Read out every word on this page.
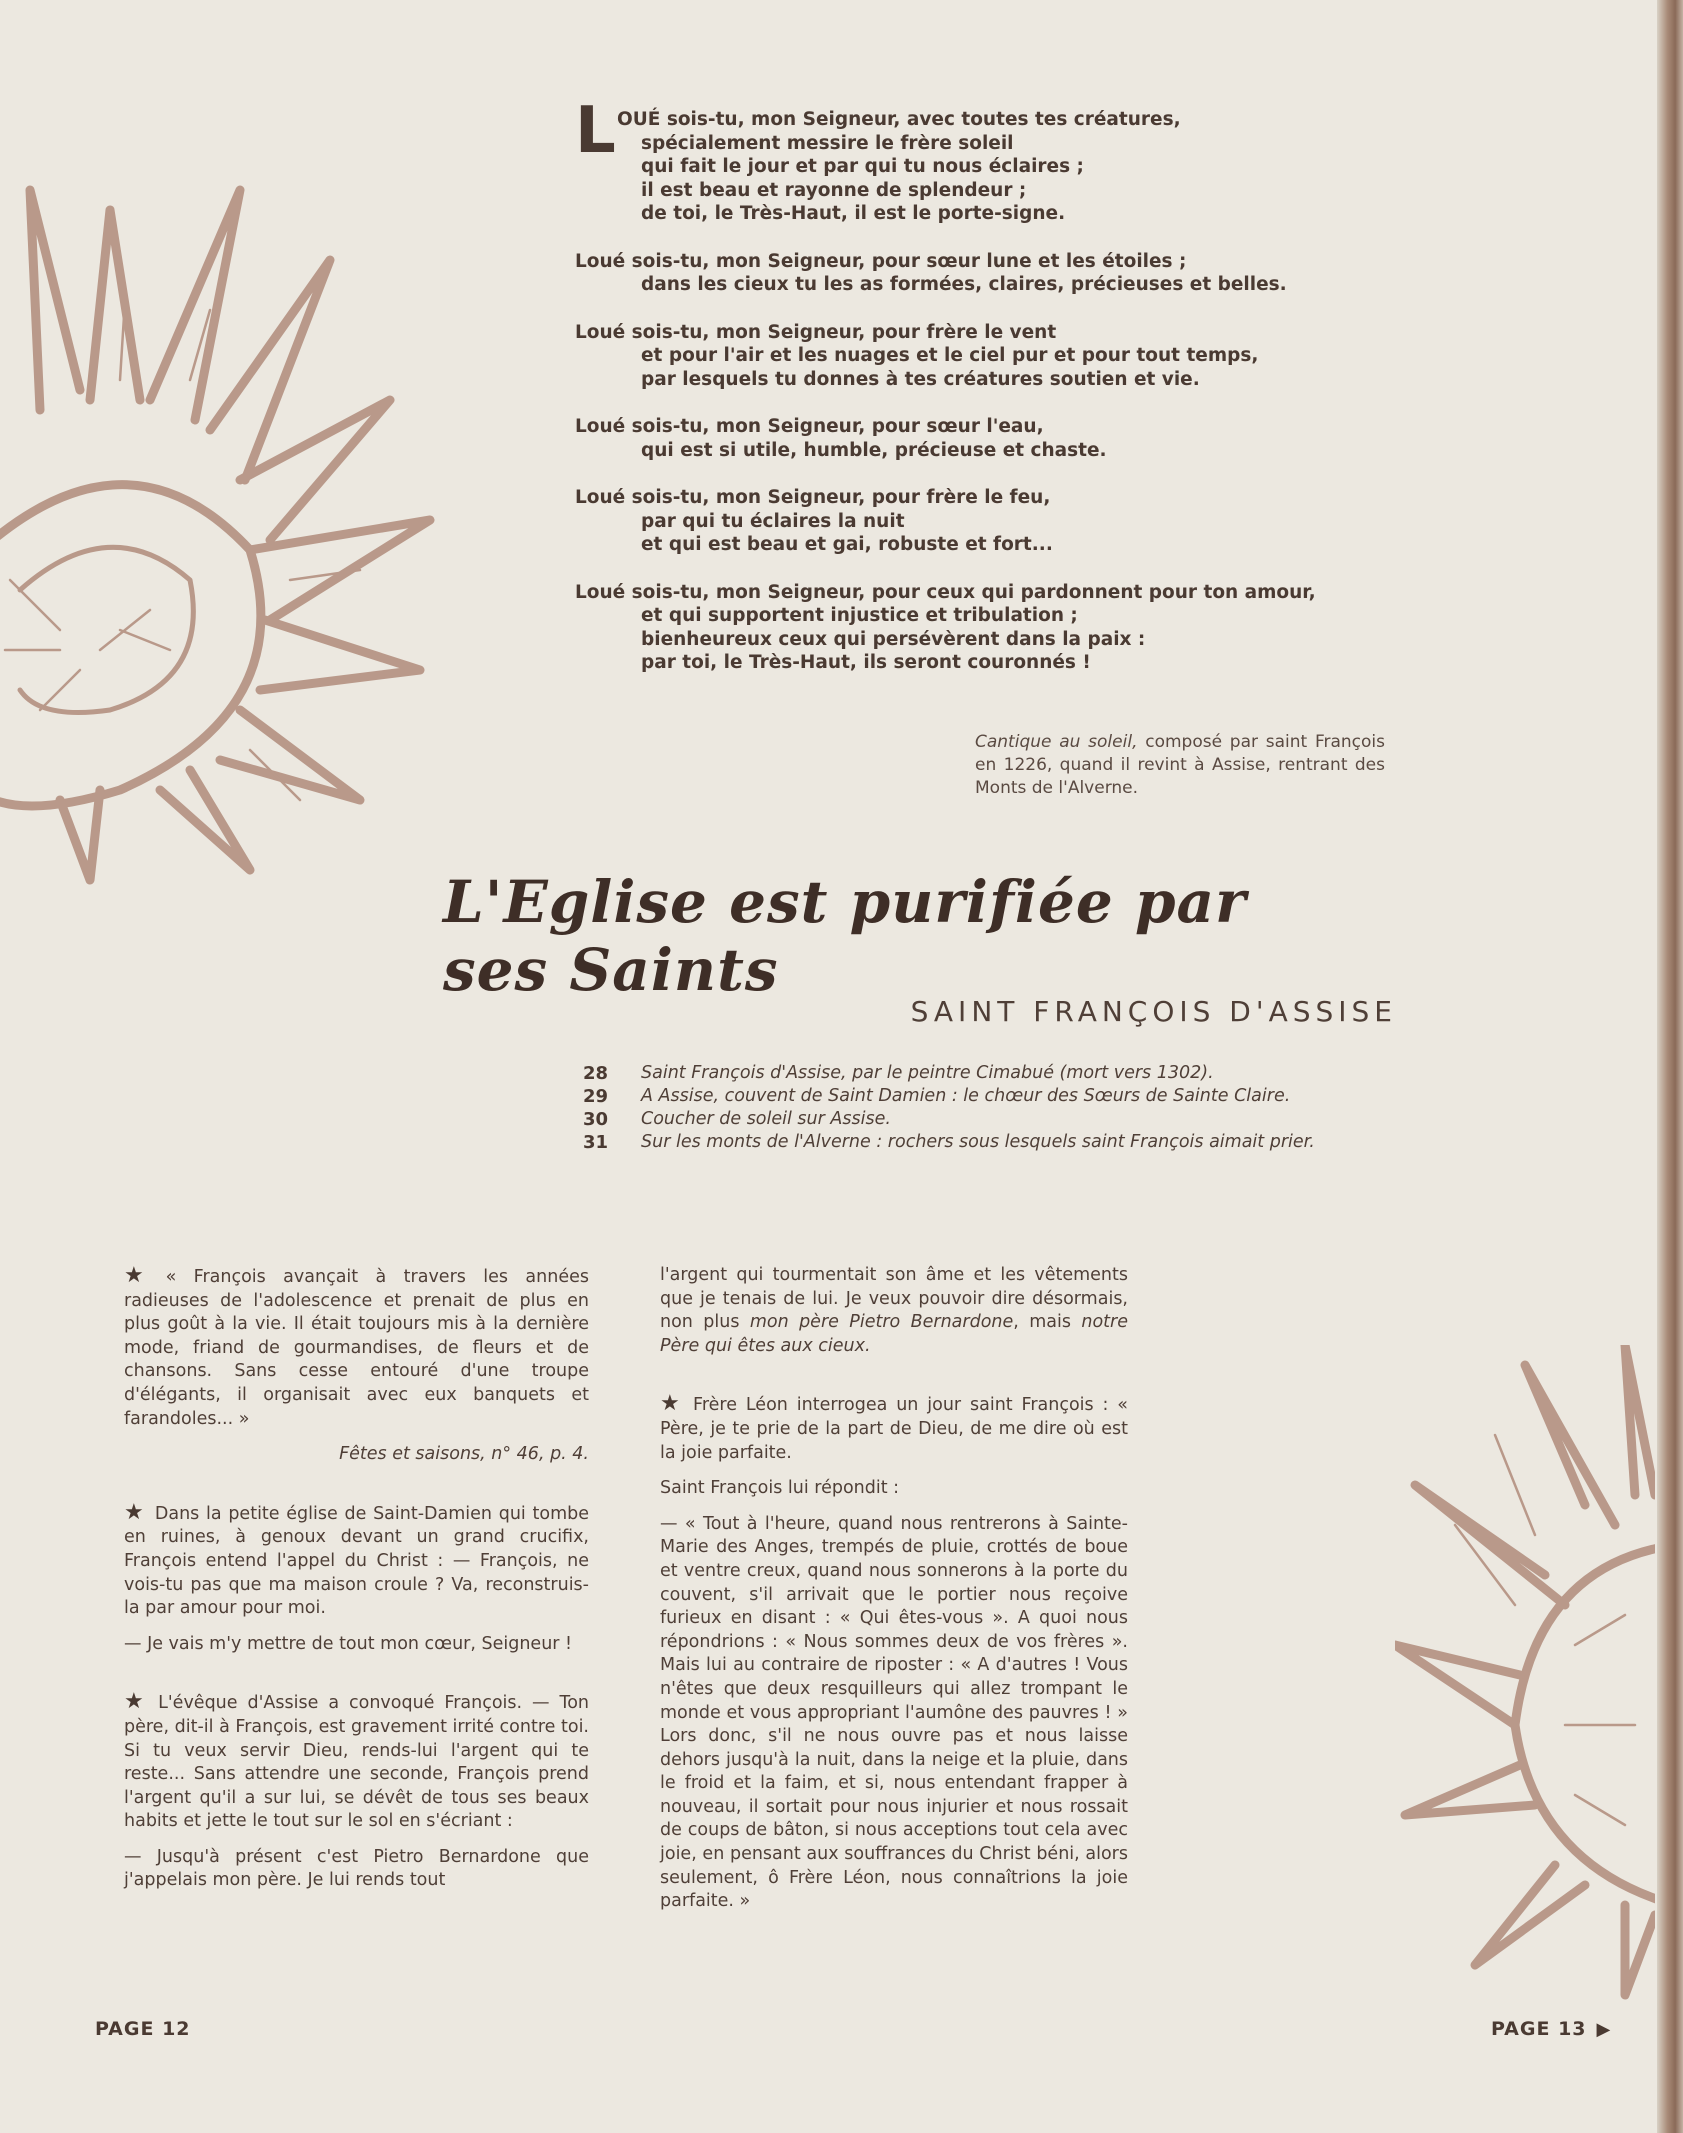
L OUÉ sois-tu, mon Seigneur, avec toutes tes créatures,
spécialement messire le frère soleil
qui fait le jour et par qui tu nous éclaires ;
il est beau et rayonne de splendeur ;
de toi, le Très-Haut, il est le porte-signe.
Loué sois-tu, mon Seigneur, pour sœur lune et les étoiles ;
dans les cieux tu les as formées, claires, précieuses et belles.
Loué sois-tu, mon Seigneur, pour frère le vent
et pour l'air et les nuages et le ciel pur et pour tout temps,
par lesquels tu donnes à tes créatures soutien et vie.
Loué sois-tu, mon Seigneur, pour sœur l'eau,
qui est si utile, humble, précieuse et chaste.
Loué sois-tu, mon Seigneur, pour frère le feu,
par qui tu éclaires la nuit
et qui est beau et gai, robuste et fort...
Loué sois-tu, mon Seigneur, pour ceux qui pardonnent pour ton amour,
et qui supportent injustice et tribulation ;
bienheureux ceux qui persévèrent dans la paix :
par toi, le Très-Haut, ils seront couronnés !
Cantique au soleil, composé par saint François en 1226, quand il revint à Assise, rentrant des Monts de l'Alverne.
L'Eglise est purifiée par ses Saints
SAINT FRANÇOIS D'ASSISE
28	Saint François d'Assise, par le peintre Cimabué (mort vers 1302).
29	A Assise, couvent de Saint Damien : le chœur des Sœurs de Sainte Claire.
30	Coucher de soleil sur Assise.
31	Sur les monts de l'Alverne : rochers sous lesquels saint François aimait prier.

★ « François avançait à travers les années radieuses de l'adolescence et prenait de plus en plus goût à la vie. Il était toujours mis à la dernière mode, friand de gourmandises, de fleurs et de chansons. Sans cesse entouré d'une troupe d'élégants, il organisait avec eux banquets et farandoles... »

Fêtes et saisons, n° 46, p. 4.

★ Dans la petite église de Saint-Damien qui tombe en ruines, à genoux devant un grand crucifix, François entend l'appel du Christ : — François, ne vois-tu pas que ma maison croule ? Va, reconstruis-la par amour pour moi.

— Je vais m'y mettre de tout mon cœur, Seigneur !

★ L'évêque d'Assise a convoqué François. — Ton père, dit-il à François, est gravement irrité contre toi. Si tu veux servir Dieu, rends-lui l'argent qui te reste... Sans attendre une seconde, François prend l'argent qu'il a sur lui, se dévêt de tous ses beaux habits et jette le tout sur le sol en s'écriant :

— Jusqu'à présent c'est Pietro Bernardone que j'appelais mon père. Je lui rends tout

l'argent qui tourmentait son âme et les vêtements que je tenais de lui. Je veux pouvoir dire désormais, non plus mon père Pietro Bernardone, mais notre Père qui êtes aux cieux.

★ Frère Léon interrogea un jour saint François : « Père, je te prie de la part de Dieu, de me dire où est la joie parfaite.

Saint François lui répondit :

— « Tout à l'heure, quand nous rentrerons à Sainte-Marie des Anges, trempés de pluie, crottés de boue et ventre creux, quand nous sonnerons à la porte du couvent, s'il arrivait que le portier nous reçoive furieux en disant : « Qui êtes-vous ». A quoi nous répondrions : « Nous sommes deux de vos frères ». Mais lui au contraire de riposter : « A d'autres ! Vous n'êtes que deux resquilleurs qui allez trompant le monde et vous appropriant l'aumône des pauvres ! » Lors donc, s'il ne nous ouvre pas et nous laisse dehors jusqu'à la nuit, dans la neige et la pluie, dans le froid et la faim, et si, nous entendant frapper à nouveau, il sortait pour nous injurier et nous rossait de coups de bâton, si nous acceptions tout cela avec joie, en pensant aux souffrances du Christ béni, alors seulement, ô Frère Léon, nous connaîtrions la joie parfaite. »

PAGE 12	PAGE 13 ▶
